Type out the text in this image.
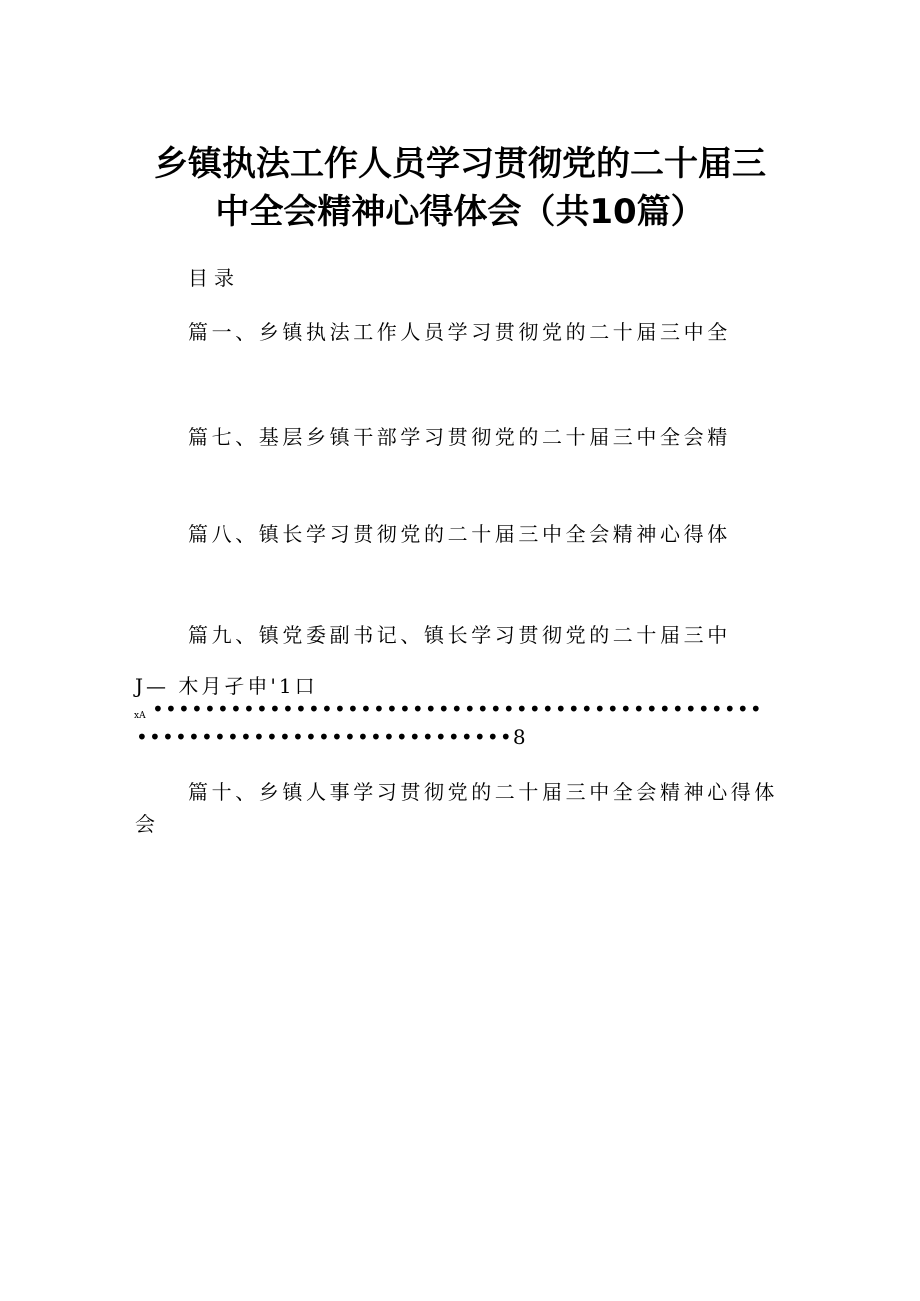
乡镇执法工作人员学习贯彻党的二十届三
中全会精神心得体会（共10篇）
目录
篇一、乡镇执法工作人员学习贯彻党的二十届三中全
篇七、基层乡镇干部学习贯彻党的二十届三中全会精
篇八、镇长学习贯彻党的二十届三中全会精神心得体
篇九、镇党委副书记、镇长学习贯彻党的二十届三中
J— 木月孑申'1口
xA •••••••••••••••••••••••••••••••••••••••••••••••
•••••••••••••••••••••••••••••8
篇十、乡镇人事学习贯彻党的二十届三中全会精神心得体
会
